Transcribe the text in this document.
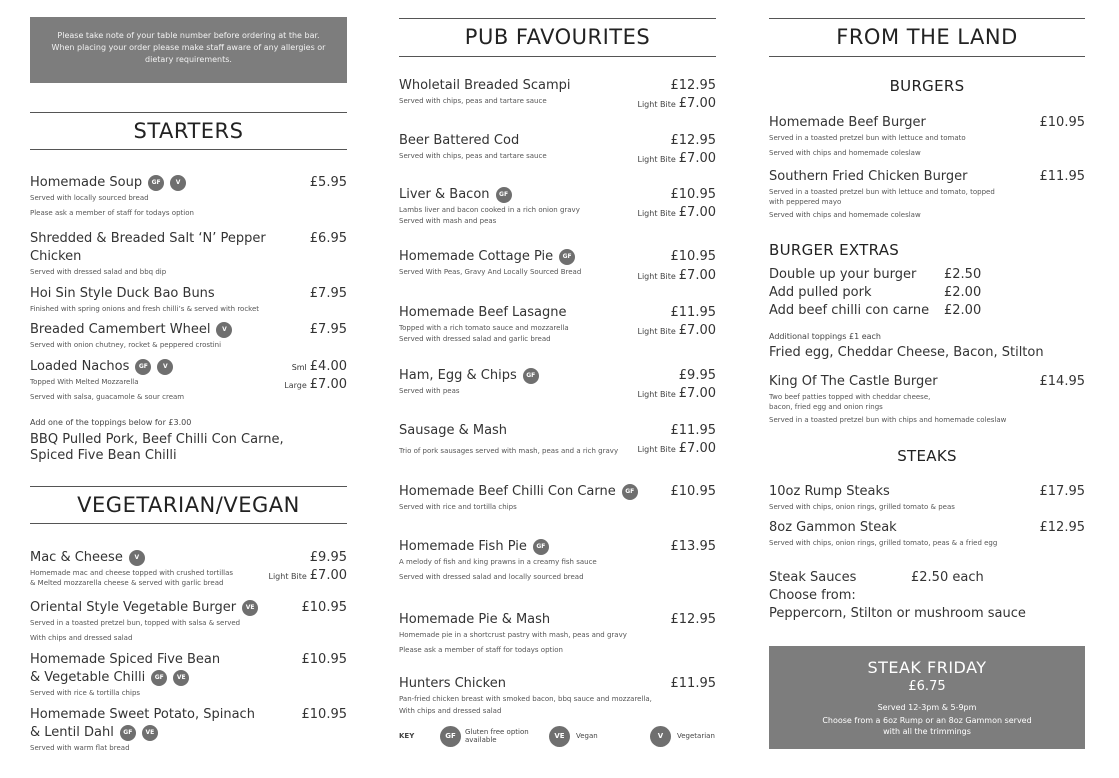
Please take note of your table number before ordering at the bar. When placing your order please make staff aware of any allergies or dietary requirements.
STARTERS
Homemade Soup GF	V	£5.95
Served with locally sourced bread
Please ask a member of staff for todays option
Shredded & Breaded Salt ‘N’ Pepper Chicken
£6.95
Served with dressed salad and bbq dip
Hoi Sin Style Duck Bao Buns	£7.95
Finished with spring onions and fresh chilli’s & served with rocket
Breaded Camembert Wheel V	£7.95
Served with onion chutney, rocket & peppered crostini
Loaded Nachos GF	V	Sml £4.00
Large £7.00
Topped With Melted Mozzarella
Served with salsa, guacamole & sour cream
Add one of the toppings below for £3.00
BBQ Pulled Pork, Beef Chilli Con Carne, Spiced Five Bean Chilli
VEGETARIAN/VEGAN
Mac & Cheese V	£9.95
Light Bite £7.00
Homemade mac and cheese topped with crushed tortillas & Melted mozzarella cheese & served with garlic bread
Oriental Style Vegetable Burger VE	£10.95
Served in a toasted pretzel bun, topped with salsa & served
With chips and dressed salad
Homemade Spiced Five Bean
& Vegetable Chilli GF VE
£10.95
Served with rice & tortilla chips
Homemade Sweet Potato, Spinach
& Lentil Dahl GF VE
£10.95
Served with warm flat bread
PUB FAVOURITES
Wholetail Breaded Scampi	£12.95
Served with chips, peas and tartare sauce	Light Bite £7.00
Beer Battered Cod	£12.95
Served with chips, peas and tartare sauce	Light Bite £7.00
Liver & Bacon GF	£10.95
Lambs liver and bacon cooked in a rich onion gravy
Served with mash and peas
Light Bite £7.00
Homemade Cottage Pie GF	£10.95
Served With Peas, Gravy And Locally Sourced Bread	Light Bite £7.00
Homemade Beef Lasagne	£11.95
Topped with a rich tomato sauce and mozzarella
Served with dressed salad and garlic bread
Light Bite £7.00
Ham, Egg & Chips GF	£9.95
Served with peas	Light Bite £7.00
Sausage & Mash	£11.95
Trio of pork sausages served with mash, peas and a rich gravy	Light Bite £7.00
Homemade Beef Chilli Con Carne GF	£10.95
Served with rice and tortilla chips
Homemade Fish Pie GF	£13.95
A melody of fish and king prawns in a creamy fish sauce
Served with dressed salad and locally sourced bread
Homemade Pie & Mash	£12.95
Homemade pie in a shortcrust pastry with mash, peas and gravy
Please ask a member of staff for todays option
Hunters Chicken	£11.95
Pan-fried chicken breast with smoked bacon, bbq sauce and mozzarella,
With chips and dressed salad
KEY	GF	Gluten free option available	VE	Vegan	V	Vegetarian
FROM THE LAND
BURGERS
Homemade Beef Burger	£10.95
Served in a toasted pretzel bun with lettuce and tomato
Served with chips and homemade coleslaw
Southern Fried Chicken Burger	£11.95
Served in a toasted pretzel bun with lettuce and tomato, topped with peppered mayo
Served with chips and homemade coleslaw
BURGER EXTRAS
Double up your burger £2.50
Add pulled pork	£2.00
Add beef chilli con carne £2.00
Additional toppings £1 each
Fried egg, Cheddar Cheese, Bacon, Stilton
King Of The Castle Burger	£14.95
Two beef patties topped with cheddar cheese, bacon, fried egg and onion rings
Served in a toasted pretzel bun with chips and homemade coleslaw
STEAKS
10oz Rump Steaks	£17.95
Served with chips, onion rings, grilled tomato & peas
8oz Gammon Steak	£12.95
Served with chips, onion rings, grilled tomato, peas & a fried egg
Steak Sauces	£2.50 each
Choose from:
Peppercorn, Stilton or mushroom sauce
STEAK FRIDAY
£6.75
Served 12-3pm & 5-9pm
Choose from a 6oz Rump or an 8oz Gammon served with all the trimmings
